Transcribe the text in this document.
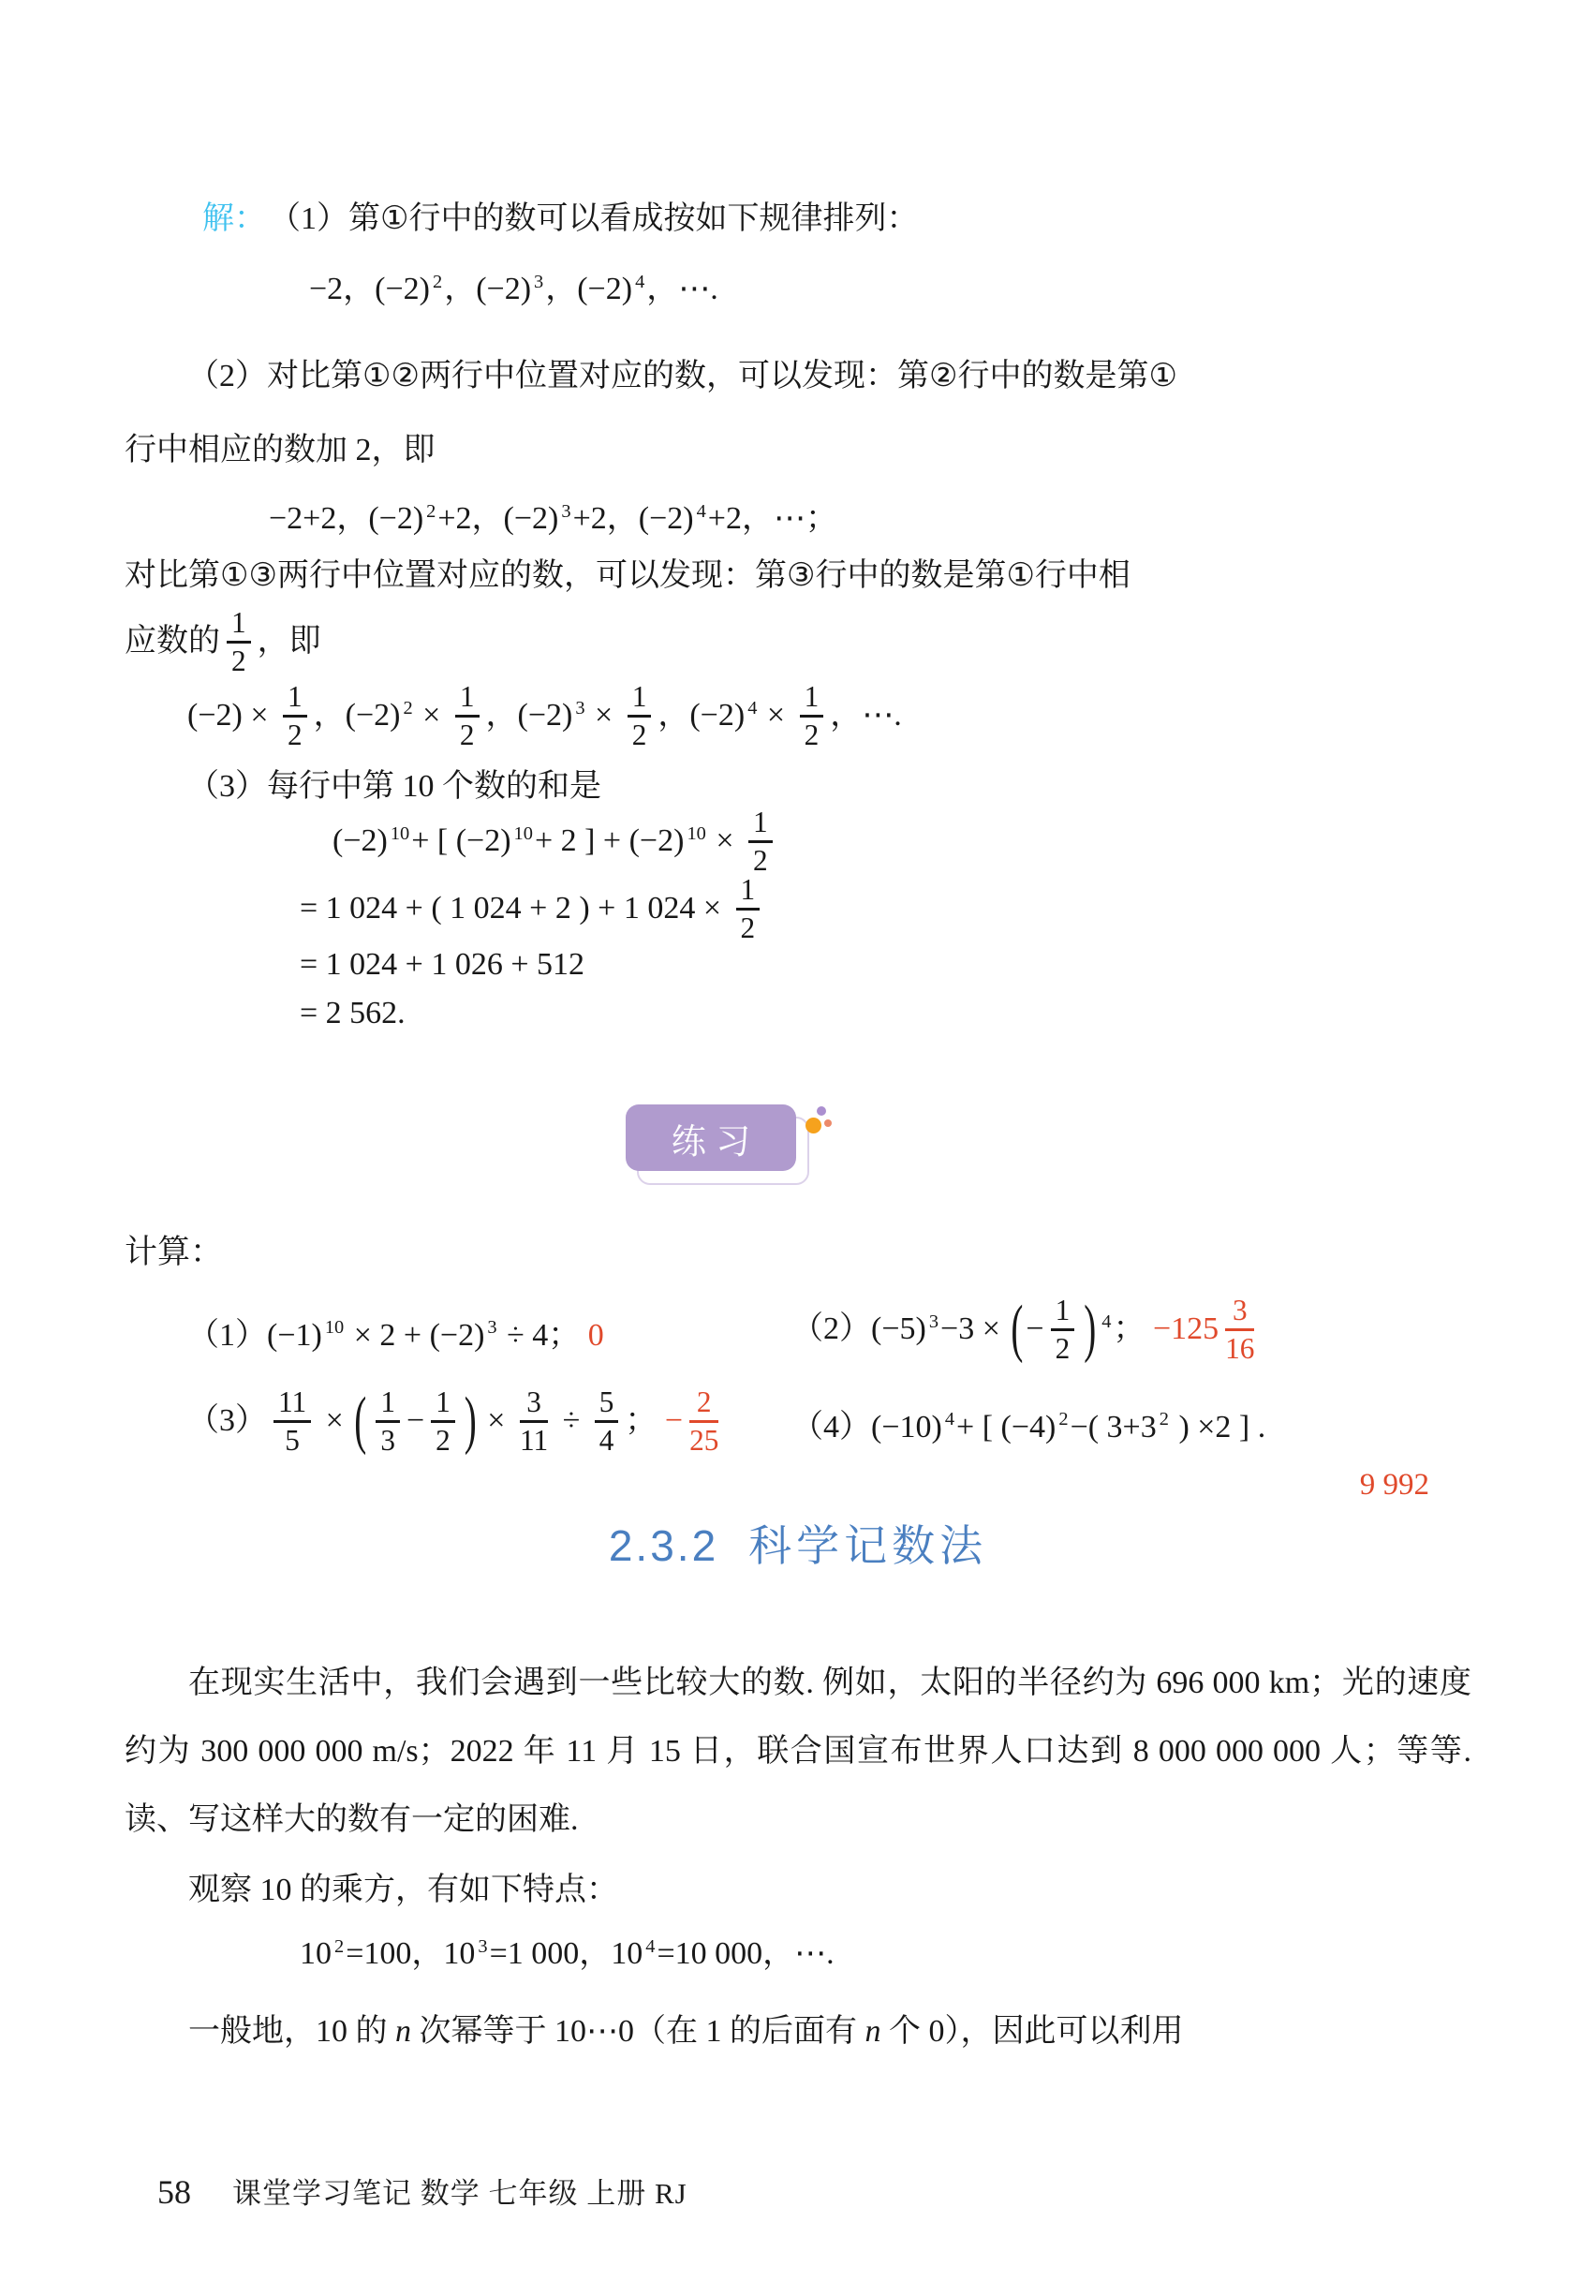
解： （1）第①行中的数可以看成按如下规律排列：
−2，(−2) $^2$，(−2) $^3$，(−2) $^4$，⋯.
（2）对比第①②两行中位置对应的数，可以发现：第②行中的数是第①
行中相应的数加 2，即
−2+2，(−2) $^2$+2，(−2) $^3$+2，(−2) $^4$+2，⋯；
对比第①③两行中位置对应的数，可以发现：第③行中的数是第①行中相
应数的 $\frac{1}{2}$ ，即
$(-2) \times \frac{1}{2}$ ，(−2) $^2 \times \frac{1}{2}$ ，(−2) $^3 \times \frac{1}{2}$ ，(−2) $^4 \times \frac{1}{2}$ ，⋯.
（3）每行中第 10 个数的和是
(−2) $^{10}$+ [ (−2) $^{10}$+ 2 ] + (−2) $^{10} \times \frac{1}{2}$
= 1 024 + ( 1 024 + 2 ) + 1 $024 \times \frac{1}{2}$
= 1 024 + 1 026 + 512
= 2 562.
练 习
计算：
（1）(−1) $^{10}$ × 2 + (−2) $^3$ ÷ 4； 0	（2）(−5) $^3$−3 × (− $\frac{1}{2}$ ) $^4$； $-125 \frac{3}{16}$
$(3) \frac{11}{5}$ × ( $\frac{1}{3} - \frac{1}{2}$ ) × $\frac{3}{11} \div \frac{5}{4}$ ； − $\frac{2}{25} (4)(-10)$ $^4$+ [ (−4) $^2$−( 3+3 $^2$ ) ×2 ] .
9 992
2.3.2 科学记数法

在现实生活中，我们会遇到一些比较大的数. 例如，太阳的半径约为 696 000 km；光的速度约为 300 000 000 m/s；2022 年 11 月 15 日，联合国宣布世界人口达到 8 000 000 000 人；等等. 读、写这样大的数有一定的困难.

观察 10 的乘方，有如下特点：

10 $^2$=100，10 $^3$=1 000，10 $^4$=10 000，⋯.
一般地，10 的 n 次幂等于 10⋯0（在 1 的后面有 n 个 0），因此可以利用
58 课堂学习笔记 数学 七年级 上册 RJ
